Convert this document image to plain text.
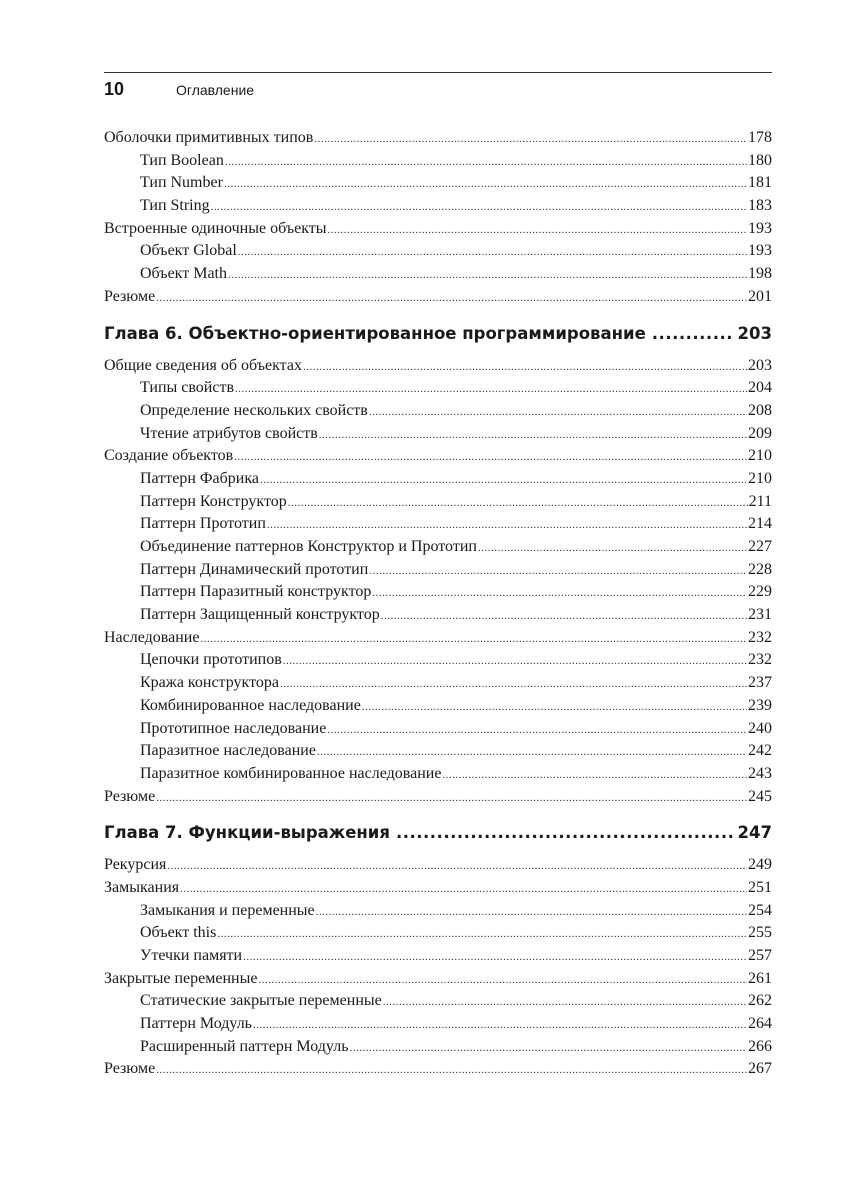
10	Оглавление
Оболочки примитивных типов .....	178
Тип Boolean .....	180
Тип Number .....	181
Тип String .....	183
Встроенные одиночные объекты .....	193
Объект Global .....	193
Объект Math .....	198
Резюме .....	201
Глава 6. Объектно-ориентированное программирование .....	203
Общие сведения об объектах .....	203
Типы свойств .....	204
Определение нескольких свойств .....	208
Чтение атрибутов свойств .....	209
Создание объектов .....	210
Паттерн Фабрика .....	210
Паттерн Конструктор .....	211
Паттерн Прототип .....	214
Объединение паттернов Конструктор и Прототип .....	227
Паттерн Динамический прототип .....	228
Паттерн Паразитный конструктор .....	229
Паттерн Защищенный конструктор .....	231
Наследование .....	232
Цепочки прототипов .....	232
Кража конструктора .....	237
Комбинированное наследование .....	239
Прототипное наследование .....	240
Паразитное наследование .....	242
Паразитное комбинированное наследование .....	243
Резюме .....	245
Глава 7. Функции-выражения .....	247
Рекурсия .....	249
Замыкания .....	251
Замыкания и переменные .....	254
Объект this .....	255
Утечки памяти .....	257
Закрытые переменные .....	261
Статические закрытые переменные .....	262
Паттерн Модуль .....	264
Расширенный паттерн Модуль .....	266
Резюме .....	267
